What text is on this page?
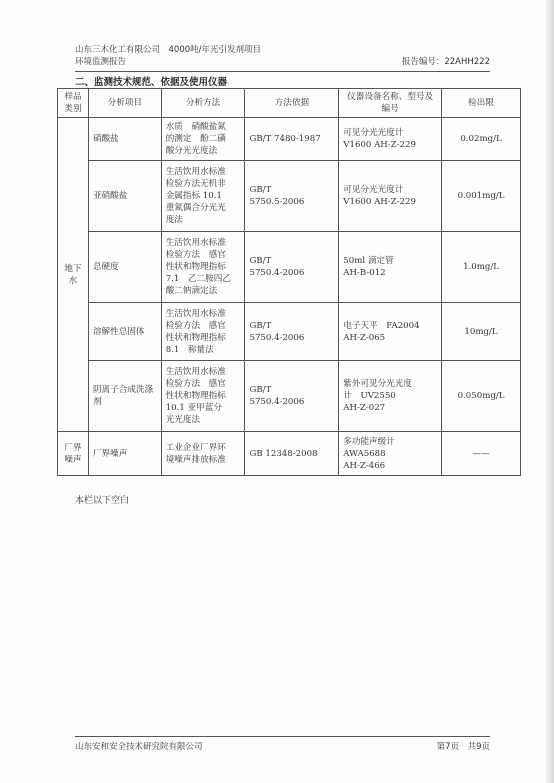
山东三木化工有限公司　4000吨/年光引发剂项目
环境监测报告	报告编号：22AHH222
二、监测技术规范、依据及使用仪器
样品类别	分析项目	分析方法	方法依据	仪器设备名称、型号及编号	检出限
地下水	硝酸盐	水质　硝酸盐氮
的测定　酚二磺
酸分光光度法	GB/T 7480-1987	可见分光光度计
V1600 AH-Z-229	0.02mg/L
	亚硝酸盐	生活饮用水标准
检验方法无机非
金属指标 10.1
重氮偶合分光光
度法	GB/T
5750.5-2006	可见分光光度计
V1600 AH-Z-229	0.001mg/L
	总硬度	生活饮用水标准
检验方法　感官
性状和物理指标
7.1　乙二胺四乙
酸二钠滴定法	GB/T
5750.4-2006	50ml 滴定管
AH-B-012	1.0mg/L
	溶解性总固体	生活饮用水标准
检验方法　感官
性状和物理指标
8.1　称量法	GB/T
5750.4-2006	电子天平　FA2004
AH-Z-065	10mg/L
	阴离子合成洗涤剂	生活饮用水标准
检验方法　感官
性状和物理指标
10.1 亚甲蓝分
光光度法	GB/T
5750.4-2006	紫外可见分光光度
计　UV2550
AH-Z-027	0.050mg/L
厂界噪声	厂界噪声	工业企业厂界环
境噪声排放标准	GB 12348-2008	多功能声级计
AWA5688
AH-Z-466	——
本栏以下空白
山东安和安全技术研究院有限公司	第7页　共9页
